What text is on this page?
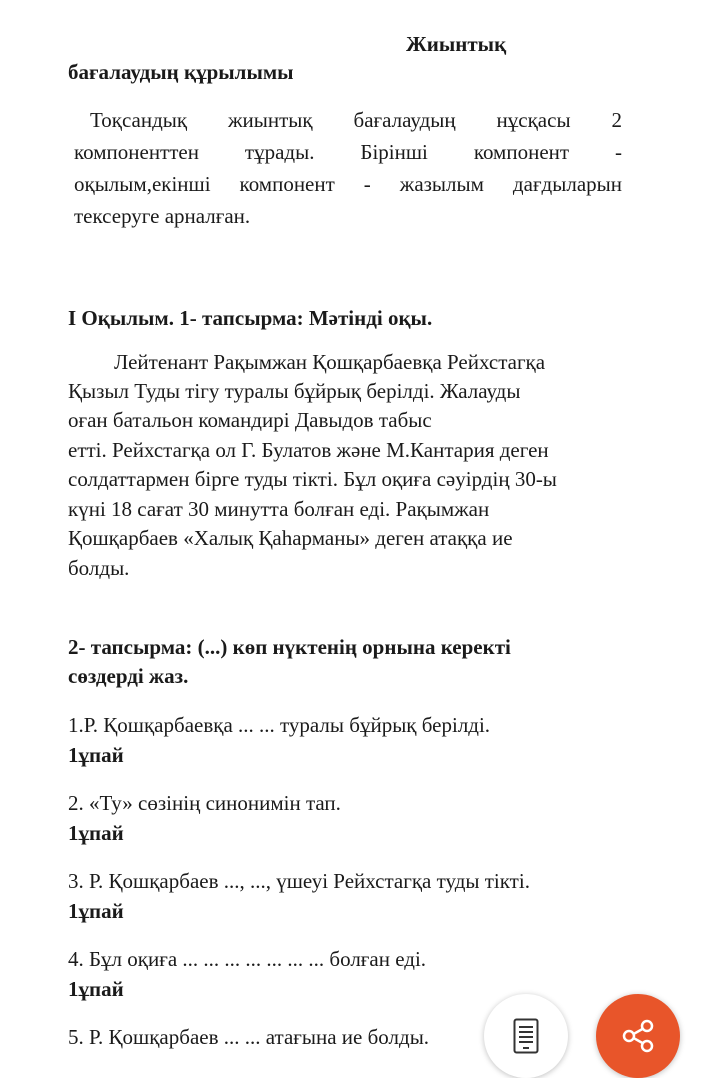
Жиынтық
бағалаудың құрылымы
Тоқсандық жиынтық бағалаудың нұсқасы 2
компоненттен тұрады. Бірінші компонент -
оқылым,екінші компонент - жазылым дағдыларын
тексеруге арналған.
І Оқылым. 1- тапсырма: Мәтінді оқы.
Лейтенант Рақымжан Қошқарбаевқа Рейхстагқа
Қызыл Туды тігу туралы бұйрық берілді. Жалауды
оған батальон командирі Давыдов табыс
етті. Рейхстагқа ол Г. Булатов және М.Кантария деген
солдаттармен бірге туды тікті. Бұл оқиға сәуірдің 30-ы
күні 18 сағат 30 минутта болған еді. Рақымжан
Қошқарбаев «Халық Қаһарманы» деген атаққа ие
болды.
2- тапсырма: (...) көп нүктенің орнына керекті
сөздерді жаз.
1.Р. Қошқарбаевқа ... ... туралы бұйрық берілді.
1ұпай
2. «Ту» сөзінің синонимін тап.
1ұпай
3. Р. Қошқарбаев ..., ..., үшеуі Рейхстагқа туды тікті.
1ұпай
4. Бұл оқиға ... ... ... ... ... ... ... болған еді.
1ұпай
5. Р. Қошқарбаев ... ... атағына ие болды.
